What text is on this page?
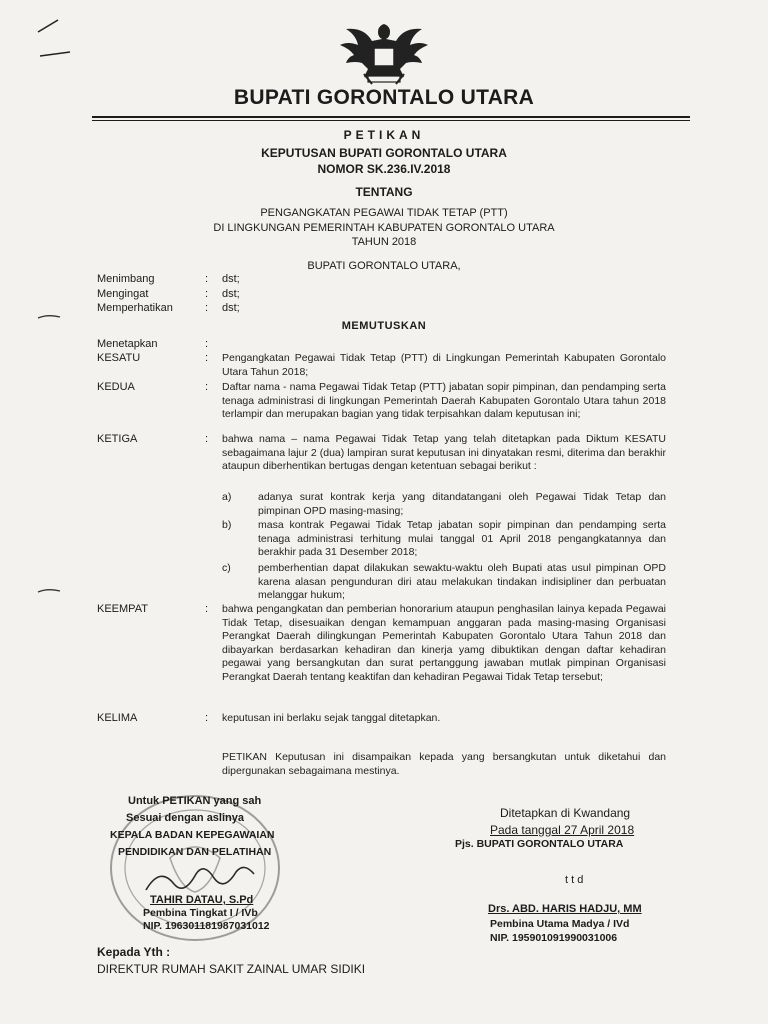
BUPATI GORONTALO UTARA
PETIKAN
KEPUTUSAN BUPATI GORONTALO UTARA
NOMOR SK.236.IV.2018
TENTANG
PENGANGKATAN PEGAWAI TIDAK TETAP (PTT)
DI LINGKUNGAN PEMERINTAH KABUPATEN GORONTALO UTARA
TAHUN 2018
BUPATI GORONTALO UTARA,
Menimbang	: dst;
Mengingat	: dst;
Memperhatikan	: dst;
MEMUTUSKAN
Menetapkan	:
KESATU	: Pengangkatan Pegawai Tidak Tetap (PTT) di Lingkungan Pemerintah Kabupaten Gorontalo Utara Tahun 2018;
KEDUA	: Daftar nama - nama Pegawai Tidak Tetap (PTT) jabatan sopir pimpinan, dan pendamping serta tenaga administrasi di lingkungan Pemerintah Daerah Kabupaten Gorontalo Utara tahun 2018 terlampir dan merupakan bagian yang tidak terpisahkan dalam keputusan ini;
KETIGA	: bahwa nama – nama Pegawai Tidak Tetap yang telah ditetapkan pada Diktum KESATU sebagaimana lajur 2 (dua) lampiran surat keputusan ini dinyatakan resmi, diterima dan berakhir ataupun diberhentikan bertugas dengan ketentuan sebagai berikut :
a)	adanya surat kontrak kerja yang ditandatangani oleh Pegawai Tidak Tetap dan pimpinan OPD masing-masing;
b)	masa kontrak Pegawai Tidak Tetap jabatan sopir pimpinan dan pendamping serta tenaga administrasi terhitung mulai tanggal 01 April 2018 pengangkatannya dan berakhir pada 31 Desember 2018;
c)	pemberhentian dapat dilakukan sewaktu-waktu oleh Bupati atas usul pimpinan OPD karena alasan pengunduran diri atau melakukan tindakan indisipliner dan perbuatan melanggar hukum;
KEEMPAT	: bahwa pengangkatan dan pemberian honorarium ataupun penghasilan lainya kepada Pegawai Tidak Tetap, disesuaikan dengan kemampuan anggaran pada masing-masing Organisasi Perangkat Daerah dilingkungan Pemerintah Kabupaten Gorontalo Utara Tahun 2018 dan dibayarkan berdasarkan kehadiran dan kinerja yamg dibuktikan dengan daftar kehadiran pegawai yang bersangkutan dan surat pertanggung jawaban mutlak pimpinan Organisasi Perangkat Daerah tentang keaktifan dan kehadiran Pegawai Tidak Tetap tersebut;
KELIMA	: keputusan ini berlaku sejak tanggal ditetapkan.
PETIKAN Keputusan ini disampaikan kepada yang bersangkutan untuk diketahui dan dipergunakan sebagaimana mestinya.
Untuk PETIKAN yang sah
Sesuai dengan aslinya
KEPALA BADAN KEPEGAWAIAN
PENDIDIKAN DAN PELATIHAN
TAHIR DATAU, S.Pd
Pembina Tingkat I / IVb
NIP. 196301181987031012
Ditetapkan di Kwandang
Pada tanggal 27 April 2018
Pjs. BUPATI GORONTALO UTARA
t t d
Drs. ABD. HARIS HADJU, MM
Pembina Utama Madya / IVd
NIP. 195901091990031006
Kepada Yth :
DIREKTUR RUMAH SAKIT ZAINAL UMAR SIDIKI
